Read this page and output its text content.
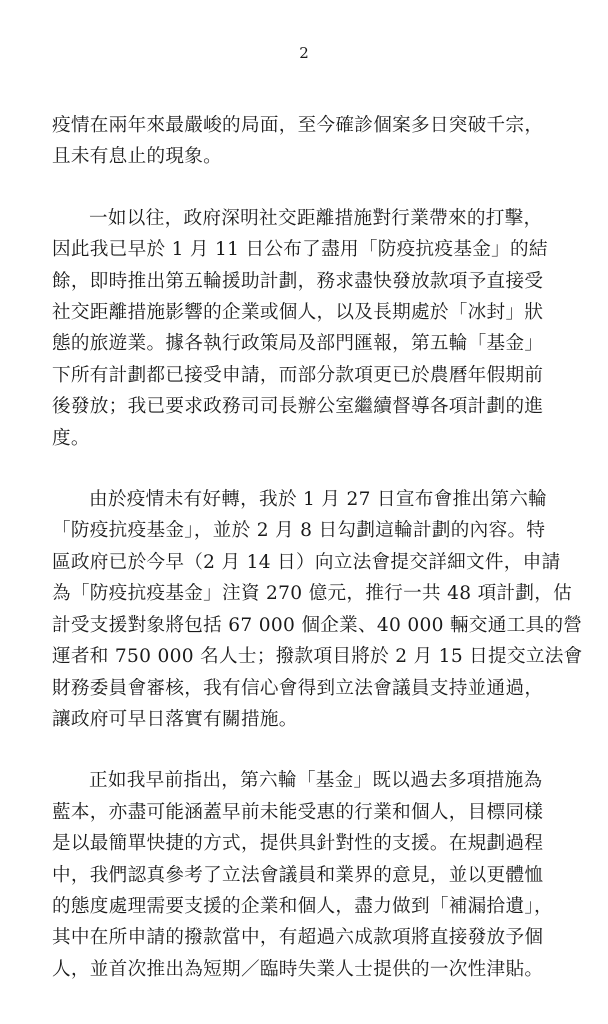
2

疫情在兩年來最嚴峻的局面，至今確診個案多日突破千宗，
且未有息止的現象。

一如以往，政府深明社交距離措施對行業帶來的打擊，
因此我已早於 1 月 11 日公布了盡用「防疫抗疫基金」的結
餘，即時推出第五輪援助計劃，務求盡快發放款項予直接受
社交距離措施影響的企業或個人，以及長期處於「冰封」狀
態的旅遊業。據各執行政策局及部門匯報，第五輪「基金」
下所有計劃都已接受申請，而部分款項更已於農曆年假期前
後發放；我已要求政務司司長辦公室繼續督導各項計劃的進
度。

由於疫情未有好轉，我於 1 月 27 日宣布會推出第六輪
「防疫抗疫基金」，並於 2 月 8 日勾劃這輪計劃的內容。特
區政府已於今早（2 月 14 日）向立法會提交詳細文件，申請
為「防疫抗疫基金」注資 270 億元，推行一共 48 項計劃，估
計受支援對象將包括 67 000 個企業、40 000 輛交通工具的營
運者和 750 000 名人士；撥款項目將於 2 月 15 日提交立法會
財務委員會審核，我有信心會得到立法會議員支持並通過，
讓政府可早日落實有關措施。

正如我早前指出，第六輪「基金」既以過去多項措施為
藍本，亦盡可能涵蓋早前未能受惠的行業和個人，目標同樣
是以最簡單快捷的方式，提供具針對性的支援。在規劃過程
中，我們認真參考了立法會議員和業界的意見，並以更體恤
的態度處理需要支援的企業和個人，盡力做到「補漏拾遺」，
其中在所申請的撥款當中，有超過六成款項將直接發放予個
人，並首次推出為短期／臨時失業人士提供的一次性津貼。
